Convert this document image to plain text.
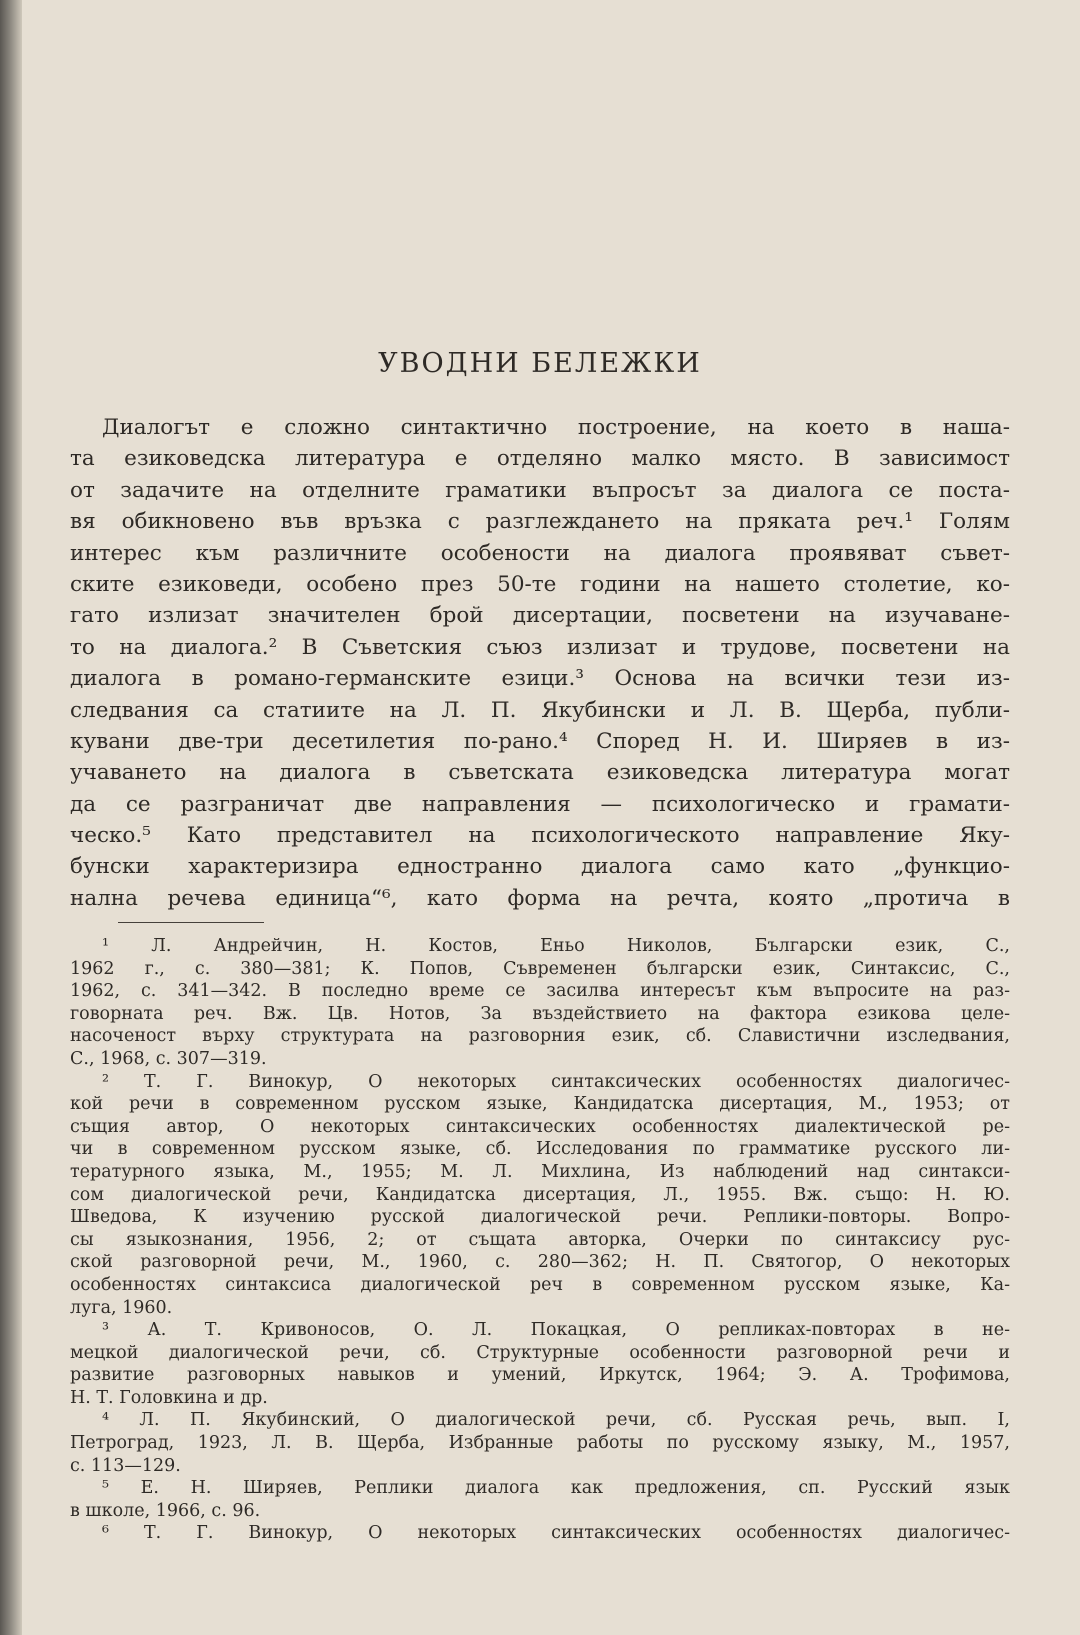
УВОДНИ БЕЛЕЖКИ
Диалогът е сложно синтактично построение, на което в наша-
та езиковедска литература е отделяно малко място. В зависимост
от задачите на отделните граматики въпросът за диалога се поста-
вя обикновено във връзка с разглеждането на пряката реч.¹ Голям
интерес към различните особености на диалога проявяват съвет-
ските езиковеди, особено през 50-те години на нашето столетие, ко-
гато излизат значителен брой дисертации, посветени на изучаване-
то на диалога.² В Съветския съюз излизат и трудове, посветени на
диалога в романо-германските езици.³ Основа на всички тези из-
следвания са статиите на Л. П. Якубински и Л. В. Щерба, публи-
кувани две-три десетилетия по-рано.⁴ Според Н. И. Ширяев в из-
учаването на диалога в съветската езиковедска литература могат
да се разграничат две направления — психологическо и грамати-
ческо.⁵ Като представител на психологическото направление Яку-
бунски характеризира едностранно диалога само като „функцио-
нална речева единица“⁶, като форма на речта, която „протича в
¹ Л. Андрейчин, Н. Костов, Еньо Николов, Български език, С.,
1962 г., с. 380—381; К. Попов, Съвременен български език, Синтаксис, С.,
1962, с. 341—342. В последно време се засилва интересът към въпросите на раз-
говорната реч. Вж. Цв. Нотов, За въздействието на фактора езикова целе-
насоченост върху структурата на разговорния език, сб. Славистични изследвания,
С., 1968, с. 307—319.
² Т. Г. Винокур, О некоторых синтаксических особенностях диалогичес-
кой речи в современном русском языке, Кандидатска дисертация, М., 1953; от
същия автор, О некоторых синтаксических особенностях диалектической ре-
чи в современном русском языке, сб. Исследования по грамматике русского ли-
тературного языка, М., 1955; М. Л. Михлина, Из наблюдений над синтакси-
сом диалогической речи, Кандидатска дисертация, Л., 1955. Вж. също: Н. Ю.
Шведова, К изучению русской диалогической речи. Реплики-повторы. Вопро-
сы языкознания, 1956, 2; от същата авторка, Очерки по синтаксису рус-
ской разговорной речи, М., 1960, с. 280—362; Н. П. Святогор, О некоторых
особенностях синтаксиса диалогической реч в современном русском языке, Ка-
луга, 1960.
³ А. Т. Кривоносов, О. Л. Покацкая, О репликах-повторах в не-
мецкой диалогической речи, сб. Структурные особенности разговорной речи и
развитие разговорных навыков и умений, Иркутск, 1964; Э. А. Трофимова,
Н. Т. Головкина и др.
⁴ Л. П. Якубинский, О диалогической речи, сб. Русская речь, вып. I,
Петроград, 1923, Л. В. Щерба, Избранные работы по русскому языку, М., 1957,
с. 113—129.
⁵ Е. Н. Ширяев, Реплики диалога как предложения, сп. Русский язык
в школе, 1966, с. 96.
⁶ Т. Г. Винокур, О некоторых синтаксических особенностях диалогичес-
